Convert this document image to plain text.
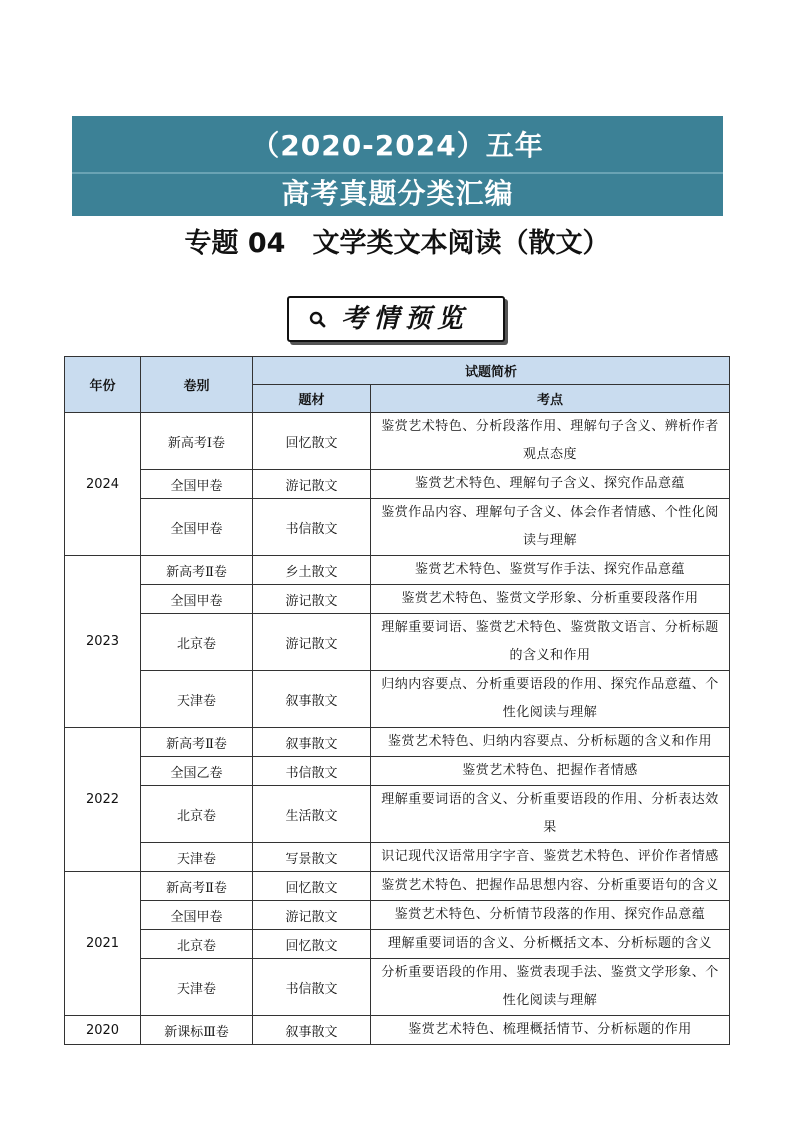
（2020-2024）五年
高考真题分类汇编
专题 04　文学类文本阅读（散文）
考情预览
年份	卷别	试题简析	
		题材	考点
2024	新高考Ⅰ卷	回忆散文	鉴赏艺术特色、分析段落作用、理解句子含义、辨析作者观点态度
	全国甲卷	游记散文	鉴赏艺术特色、理解句子含义、探究作品意蕴
	全国甲卷	书信散文	鉴赏作品内容、理解句子含义、体会作者情感、个性化阅读与理解
2023	新高考Ⅱ卷	乡土散文	鉴赏艺术特色、鉴赏写作手法、探究作品意蕴
	全国甲卷	游记散文	鉴赏艺术特色、鉴赏文学形象、分析重要段落作用
	北京卷	游记散文	理解重要词语、鉴赏艺术特色、鉴赏散文语言、分析标题的含义和作用
	天津卷	叙事散文	归纳内容要点、分析重要语段的作用、探究作品意蕴、个性化阅读与理解
2022	新高考Ⅱ卷	叙事散文	鉴赏艺术特色、归纳内容要点、分析标题的含义和作用
	全国乙卷	书信散文	鉴赏艺术特色、把握作者情感
	北京卷	生活散文	理解重要词语的含义、分析重要语段的作用、分析表达效果
	天津卷	写景散文	识记现代汉语常用字字音、鉴赏艺术特色、评价作者情感
2021	新高考Ⅱ卷	回忆散文	鉴赏艺术特色、把握作品思想内容、分析重要语句的含义
	全国甲卷	游记散文	鉴赏艺术特色、分析情节段落的作用、探究作品意蕴
	北京卷	回忆散文	理解重要词语的含义、分析概括文本、分析标题的含义
	天津卷	书信散文	分析重要语段的作用、鉴赏表现手法、鉴赏文学形象、个性化阅读与理解
2020	新课标Ⅲ卷	叙事散文	鉴赏艺术特色、梳理概括情节、分析标题的作用
